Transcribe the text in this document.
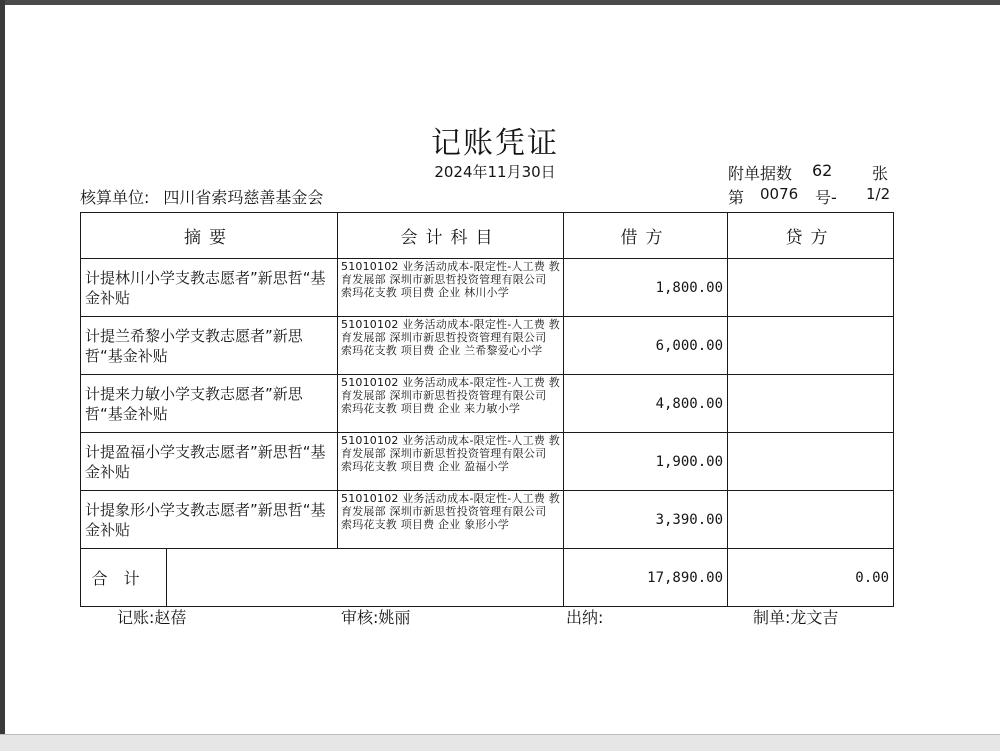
记账凭证
2024年11月30日	附单据数 62 张
核算单位: 四川省索玛慈善基金会	第 0076 号- 1/2
摘要	会计科目	借方	贷方
计提林川小学支教志愿者”新思哲“基金补贴	51010102 业务活动成本-限定性-人工费 教育发展部 深圳市新思哲投资管理有限公司 索玛花支教 项目费 企业 林川小学	1,800.00	
计提兰希黎小学支教志愿者”新思哲“基金补贴	51010102 业务活动成本-限定性-人工费 教育发展部 深圳市新思哲投资管理有限公司 索玛花支教 项目费 企业 兰希黎爱心小学	6,000.00	
计提来力敏小学支教志愿者”新思哲“基金补贴	51010102 业务活动成本-限定性-人工费 教育发展部 深圳市新思哲投资管理有限公司 索玛花支教 项目费 企业 来力敏小学	4,800.00	
计提盈福小学支教志愿者”新思哲“基金补贴	51010102 业务活动成本-限定性-人工费 教育发展部 深圳市新思哲投资管理有限公司 索玛花支教 项目费 企业 盈福小学	1,900.00	
计提象形小学支教志愿者”新思哲“基金补贴	51010102 业务活动成本-限定性-人工费 教育发展部 深圳市新思哲投资管理有限公司 索玛花支教 项目费 企业 象形小学	3,390.00	

合计		17,890.00	0.00
记账:赵蓓	审核:姚丽	出纳:	制单:龙文吉
